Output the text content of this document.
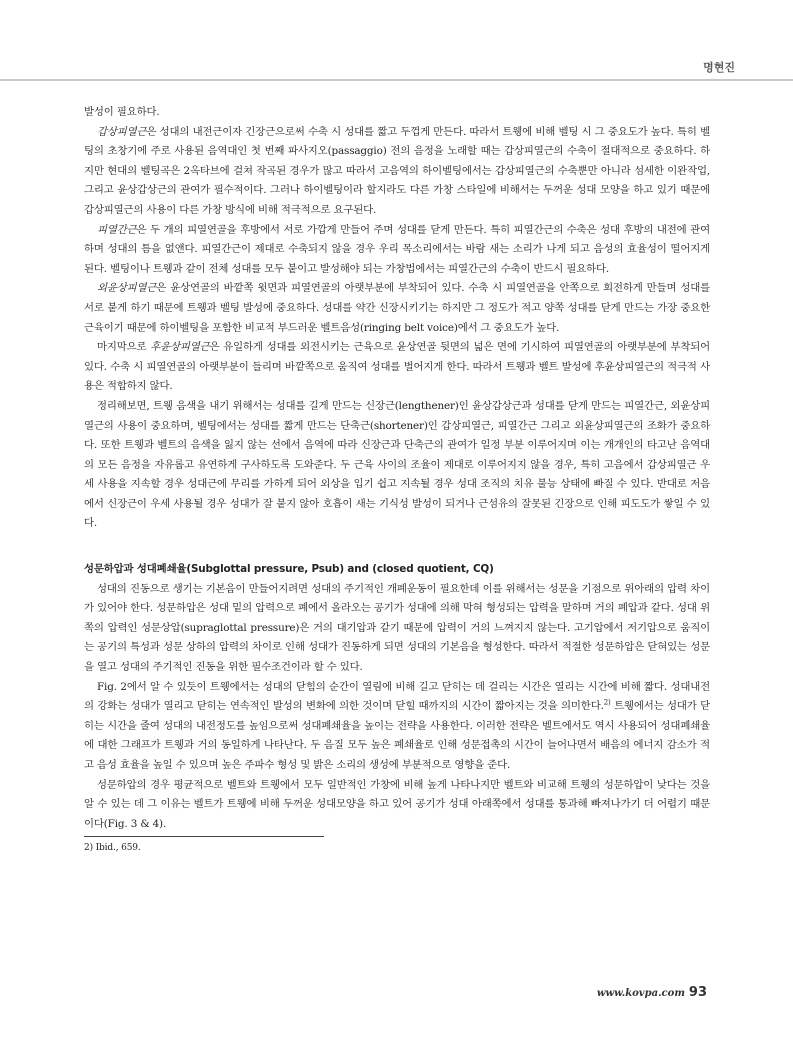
명현진

발성이 필요하다.

갑상피열근은 성대의 내전근이자 긴장근으로써 수축 시 성대를 짧고 두껍게 만든다. 따라서 트웽에 비해 벨팅 시 그 중요도가 높다. 특히 벨팅의 초창기에 주로 사용된 음역대인 첫 번째 파사지오(passaggio) 전의 음정을 노래할 때는 갑상피열근의 수축이 절대적으로 중요하다. 하지만 현대의 벨팅곡은 2옥타브에 걸쳐 작곡된 경우가 많고 따라서 고음역의 하이벨팅에서는 갑상피열근의 수축뿐만 아니라 섬세한 이완작업, 그리고 윤상갑상근의 관여가 필수적이다. 그러나 하이벨팅이라 할지라도 다른 가창 스타일에 비해서는 두꺼운 성대 모양을 하고 있기 때문에 갑상피열근의 사용이 다른 가창 방식에 비해 적극적으로 요구된다.

피열간근은 두 개의 피열연골을 후방에서 서로 가깝게 만들어 주며 성대를 닫게 만든다. 특히 피열간근의 수축은 성대 후방의 내전에 관여하며 성대의 틈을 없앤다. 피열간근이 제대로 수축되지 않을 경우 우리 목소리에서는 바람 새는 소리가 나게 되고 음성의 효율성이 떨어지게 된다. 벨팅이나 트웽과 같이 전체 성대를 모두 붙이고 발성해야 되는 가창법에서는 피열간근의 수축이 반드시 필요하다.

외윤상피열근은 윤상연골의 바깥쪽 윗면과 피열연골의 아랫부분에 부착되어 있다. 수축 시 피열연골을 안쪽으로 회전하게 만들며 성대를 서로 붙게 하기 때문에 트웽과 벨팅 발성에 중요하다. 성대를 약간 신장시키기는 하지만 그 정도가 적고 양쪽 성대를 닫게 만드는 가장 중요한 근육이기 때문에 하이벨팅을 포함한 비교적 부드러운 벨트음성(ringing belt voice)에서 그 중요도가 높다.

마지막으로 후윤상피열근은 유일하게 성대를 외전시키는 근육으로 윤상연골 뒷면의 넓은 면에 기시하여 피열연골의 아랫부분에 부착되어 있다. 수축 시 피열연골의 아랫부분이 들리며 바깥쪽으로 움직여 성대를 벌어지게 한다. 따라서 트웽과 벨트 발성에 후윤상피열근의 적극적 사용은 적합하지 않다.

정리해보면, 트웽 음색을 내기 위해서는 성대를 길게 만드는 신장근(lengthener)인 윤상갑상근과 성대를 닫게 만드는 피열간근, 외윤상피열근의 사용이 중요하며, 벨팅에서는 성대를 짧게 만드는 단축근(shortener)인 갑상피열근, 피열간근 그리고 외윤상피열근의 조화가 중요하다. 또한 트웽과 벨트의 음색을 잃지 않는 선에서 음역에 따라 신장근과 단축근의 관여가 일정 부분 이루어지며 이는 개개인의 타고난 음역대의 모든 음정을 자유롭고 유연하게 구사하도록 도와준다. 두 근육 사이의 조율이 제대로 이루어지지 않을 경우, 특히 고음에서 갑상피열근 우세 사용을 지속할 경우 성대근에 무리를 가하게 되어 외상을 입기 쉽고 지속될 경우 성대 조직의 치유 불능 상태에 빠질 수 있다. 반대로 저음에서 신장근이 우세 사용될 경우 성대가 잘 붙지 않아 호흡이 새는 기식성 발성이 되거나 근섬유의 잘못된 긴장으로 인해 피도도가 쌓일 수 있다.

성문하압과 성대폐쇄율(Subglottal pressure, Psub) and (closed quotient, CQ)

성대의 진동으로 생기는 기본음이 만들어지려면 성대의 주기적인 개폐운동이 필요한데 이를 위해서는 성문을 기점으로 위아래의 압력 차이가 있어야 한다. 성문하압은 성대 밑의 압력으로 폐에서 올라오는 공기가 성대에 의해 막혀 형성되는 압력을 말하며 거의 폐압과 같다. 성대 위쪽의 압력인 성문상압(supraglottal pressure)은 거의 대기압과 같기 때문에 압력이 거의 느껴지지 않는다. 고기압에서 저기압으로 움직이는 공기의 특성과 성문 상하의 압력의 차이로 인해 성대가 진동하게 되면 성대의 기본음을 형성한다. 따라서 적절한 성문하압은 닫혀있는 성문을 열고 성대의 주기적인 진동을 위한 필수조건이라 할 수 있다.

Fig. 2에서 알 수 있듯이 트웽에서는 성대의 닫힘의 순간이 열림에 비해 길고 닫히는 데 걸리는 시간은 열리는 시간에 비해 짧다. 성대내전의 강화는 성대가 열리고 닫히는 연속적인 발성의 변화에 의한 것이며 닫힐 때까지의 시간이 짧아지는 것을 의미한다.$^{2)}$ 트웽에서는 성대가 닫히는 시간을 줄여 성대의 내전정도를 높임으로써 성대폐쇄율을 높이는 전략을 사용한다. 이러한 전략은 벨트에서도 역시 사용되어 성대폐쇄율에 대한 그래프가 트웽과 거의 동일하게 나타난다. 두 음질 모두 높은 폐쇄율로 인해 성문접촉의 시간이 늘어나면서 배음의 에너지 감소가 적고 음성 효율을 높일 수 있으며 높은 주파수 형성 및 밝은 소리의 생성에 부분적으로 영향을 준다.

성문하압의 경우 평균적으로 벨트와 트웽에서 모두 일반적인 가창에 비해 높게 나타나지만 벨트와 비교해 트웽의 성문하압이 낮다는 것을 알 수 있는 데 그 이유는 벨트가 트웽에 비해 두꺼운 성대모양을 하고 있어 공기가 성대 아래쪽에서 성대를 통과해 빠져나가기 더 어렵기 때문이다(Fig. 3 & 4).

2) Ibid., 659.

www.kovpa.com 93
